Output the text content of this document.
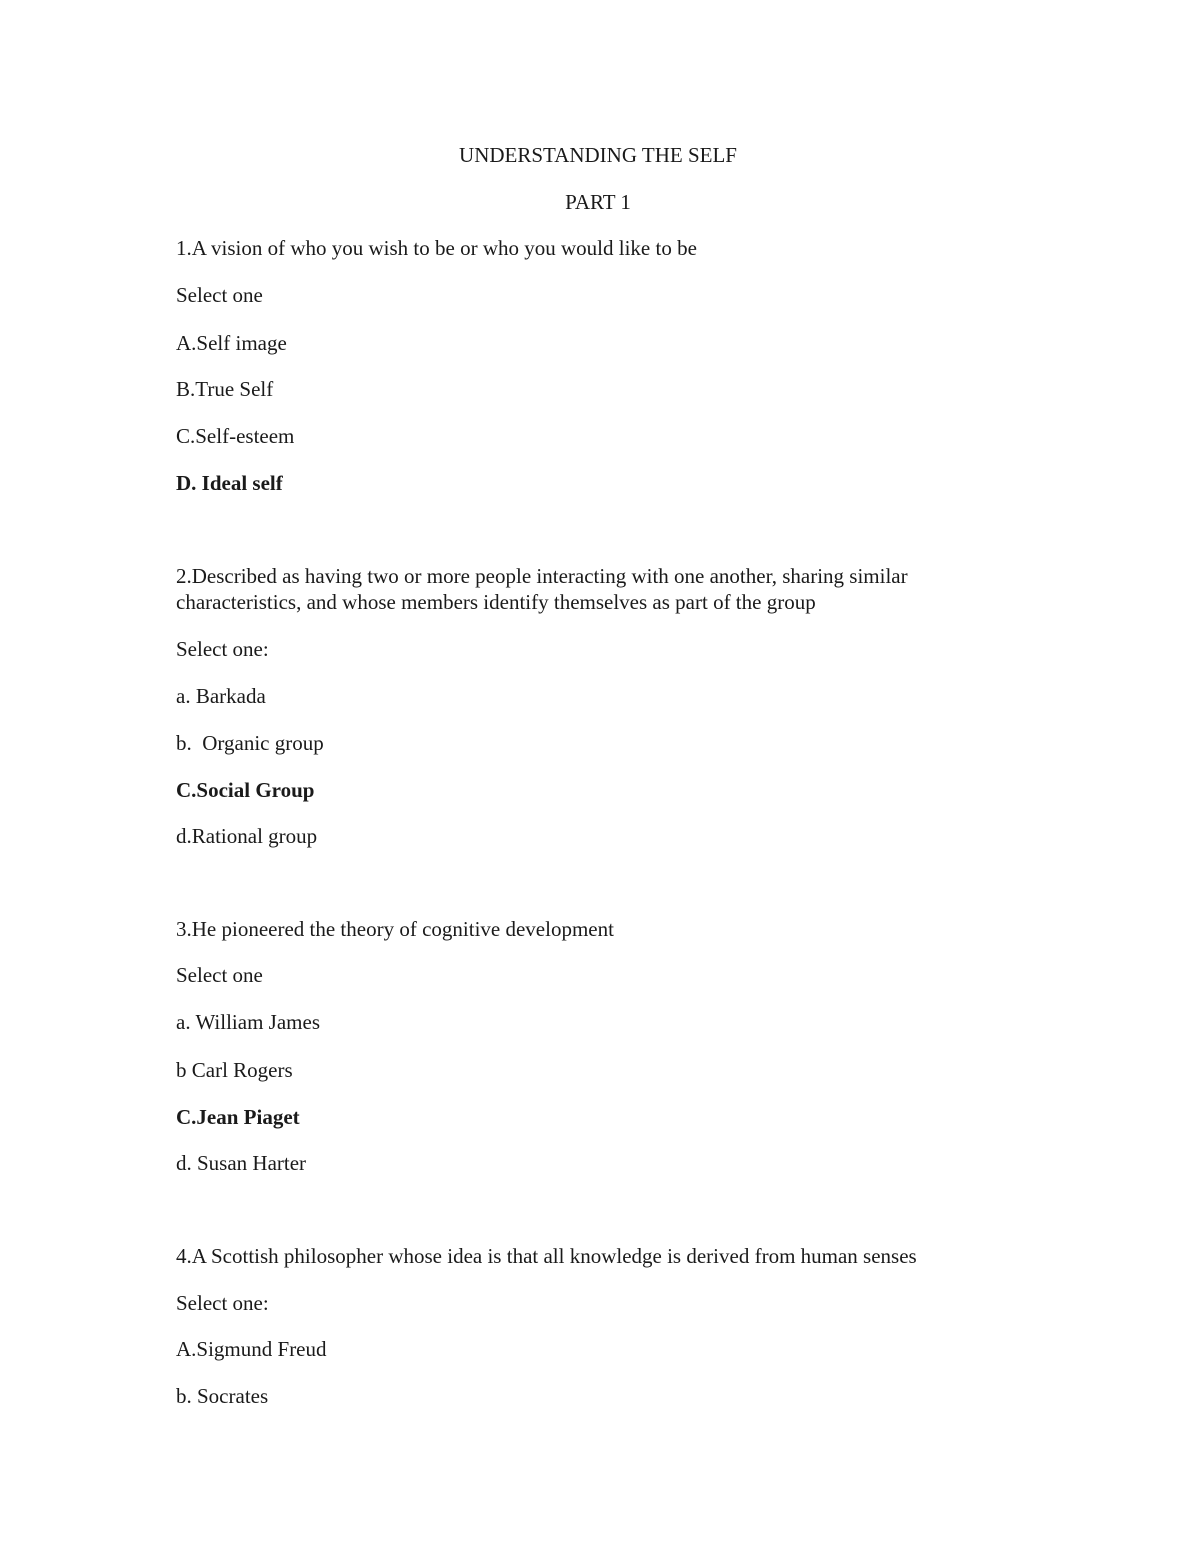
UNDERSTANDING THE SELF
PART 1
1.A vision of who you wish to be or who you would like to be
Select one
A.Self image
B.True Self
C.Self-esteem
D. Ideal self
2.Described as having two or more people interacting with one another, sharing similar characteristics, and whose members identify themselves as part of the group
Select one:
a. Barkada
b.  Organic group
C.Social Group
d.Rational group
3.He pioneered the theory of cognitive development
Select one
a. William James
b Carl Rogers
C.Jean Piaget
d. Susan Harter
4.A Scottish philosopher whose idea is that all knowledge is derived from human senses
Select one:
A.Sigmund Freud
b. Socrates
